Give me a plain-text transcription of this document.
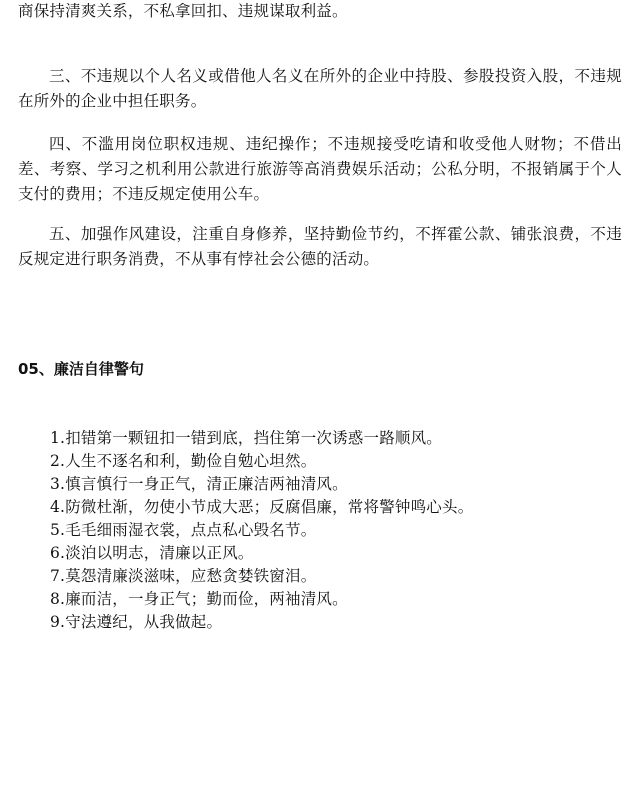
商保持清爽关系，不私拿回扣、违规谋取利益。

三、不违规以个人名义或借他人名义在所外的企业中持股、参股投资入股，不违规在所外的企业中担任职务。

四、不滥用岗位职权违规、违纪操作；不违规接受吃请和收受他人财物；不借出差、考察、学习之机利用公款进行旅游等高消费娱乐活动；公私分明，不报销属于个人支付的费用；不违反规定使用公车。

五、加强作风建设，注重自身修养，坚持勤俭节约，不挥霍公款、铺张浪费，不违反规定进行职务消费，不从事有悖社会公德的活动。

05、廉洁自律警句
1.扣错第一颗钮扣一错到底，挡住第一次诱惑一路顺风。
2.人生不逐名和利，勤俭自勉心坦然。
3.慎言慎行一身正气，清正廉洁两袖清风。
4.防微杜渐，勿使小节成大恶；反腐倡廉，常将警钟鸣心头。
5.毛毛细雨湿衣裳，点点私心毁名节。
6.淡泊以明志，清廉以正风。
7.莫怨清廉淡滋味，应愁贪婪铁窗泪。
8.廉而洁，一身正气；勤而俭，两袖清风。
9.守法遵纪，从我做起。
